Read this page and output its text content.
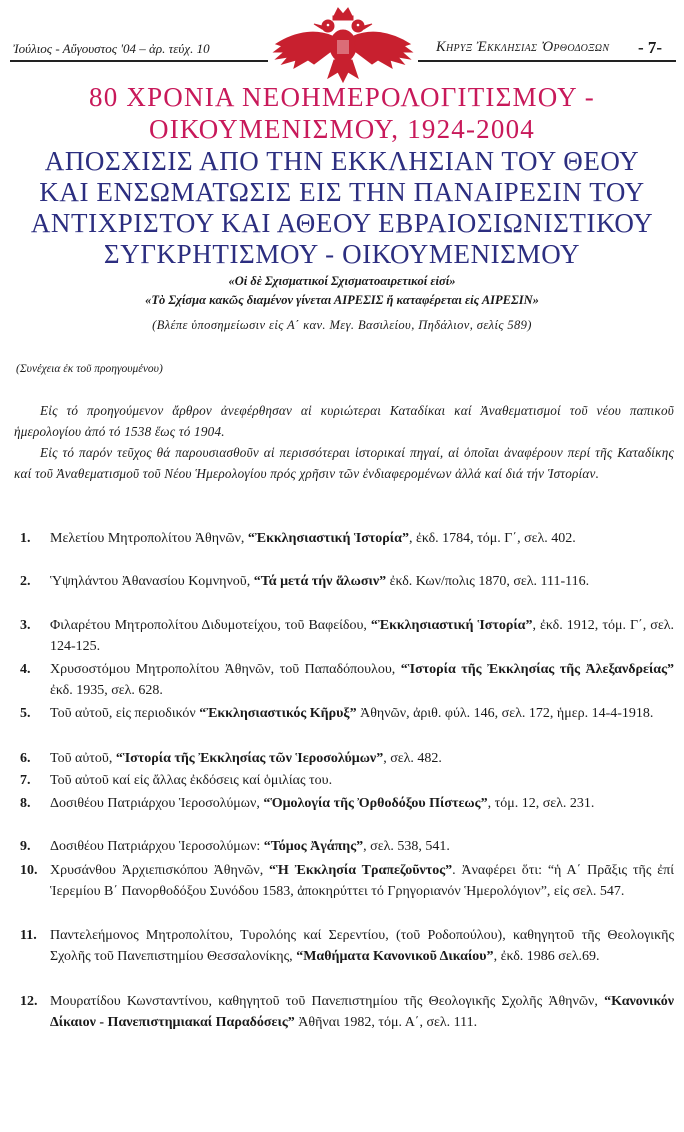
Ἰούλιος - Αὔγουστος '04 – ἀρ. τεύχ. 10	Κηρυξ Ἐκκλησιας Ὀρθοδοξων - 7-
80 ΧΡΟΝΙΑ ΝΕΟΗΜΕΡΟΛΟΓΙΤΙΣΜΟΥ -
ΟΙΚΟΥΜΕΝΙΣΜΟΥ, 1924-2004
ΑΠΟΣΧΙΣΙΣ ΑΠΟ ΤΗΝ ΕΚΚΛΗΣΙΑΝ ΤΟΥ ΘΕΟΥ
ΚΑΙ ΕΝΣΩΜΑΤΩΣΙΣ ΕΙΣ ΤΗΝ ΠΑΝΑΙΡΕΣΙΝ ΤΟΥ
ΑΝΤΙΧΡΙΣΤΟΥ ΚΑΙ ΑΘΕΟΥ ΕΒΡΑΙΟΣΙΩΝΙΣΤΙΚΟΥ
ΣΥΓΚΡΗΤΙΣΜΟΥ - ΟΙΚΟΥΜΕΝΙΣΜΟΥ
«Οἱ δὲ Σχισματικοί Σχισματοαιρετικοί εἰσί»
«Τὸ Σχίσμα κακῶς διαμένον γίνεται ΑΙΡΕΣΙΣ ἤ καταφέρεται εἰς ΑΙΡΕΣΙΝ»
(Βλέπε ὑποσημείωσιν εἰς Α΄ καν. Μεγ. Βασιλείου, Πηδάλιον, σελίς 589)
(Συνέχεια ἐκ τοῦ προηγουμένου)
Εἰς τό προηγούμενον ἄρθρον ἀνεφέρθησαν αἱ κυριώτεραι Καταδίκαι καί Ἀναθεματισμοί τοῦ νέου παπικοῦ ἡμερολογίου ἀπό τό 1538 ἕως τό 1904.
Εἰς τό παρόν τεῦχος θά παρουσιασθοῦν αἱ περισσότεραι ἱστορικαί πηγαί, αἱ ὁποῖαι ἀναφέρουν περί τῆς Καταδίκης καί τοῦ Ἀναθεματισμοῦ τοῦ Νέου Ἡμερολογίου πρός χρῆσιν τῶν ἐνδιαφερομένων ἀλλά καί διά τήν Ἱστορίαν.
1.	Μελετίου Μητροπολίτου Ἀθηνῶν, “Ἐκκλησιαστική Ἱστορία”, ἐκδ. 1784, τόμ. Γ΄, σελ. 402.
2.	Ὑψηλάντου Ἀθανασίου Κομνηνοῦ, “Τά μετά τήν ἅλωσιν” ἐκδ. Κων/πολις 1870, σελ. 111-116.
3.	Φιλαρέτου Μητροπολίτου Διδυμοτείχου, τοῦ Βαφείδου, “Ἐκκλησιαστική Ἱστορία”, ἐκδ. 1912, τόμ. Γ΄, σελ. 124-125.
4.	Χρυσοστόμου Μητροπολίτου Ἀθηνῶν, τοῦ Παπαδόπουλου, “Ἱστορία τῆς Ἐκκλησίας τῆς Ἀλεξανδρείας” ἐκδ. 1935, σελ. 628.
5.	Τοῦ αὐτοῦ, εἰς περιοδικόν “Ἐκκλησιαστικός Κῆρυξ” Ἀθηνῶν, ἀριθ. φύλ. 146, σελ. 172, ἡμερ. 14-4-1918.
6.	Τοῦ αὐτοῦ, “Ἱστορία τῆς Ἐκκλησίας τῶν Ἱεροσολύμων”, σελ. 482.
7.	Τοῦ αὐτοῦ καί εἰς ἄλλας ἐκδόσεις καί ὁμιλίας του.
8.	Δοσιθέου Πατριάρχου Ἱεροσολύμων, “Ὁμολογία τῆς Ὀρθοδόξου Πίστεως”, τόμ. 12, σελ. 231.
9.	Δοσιθέου Πατριάρχου Ἱεροσολύμων: “Τόμος Ἀγάπης”, σελ. 538, 541.
10. Χρυσάνθου Ἀρχιεπισκόπου Ἀθηνῶν, “Ἡ Ἐκκλησία Τραπεζοῦντος”. Ἀναφέρει ὅτι: “ἡ Α΄ Πρᾶξις τῆς ἐπί Ἱερεμίου Β΄ Πανορθοδόξου Συνόδου 1583, ἀποκηρύττει τό Γρηγοριανόν Ἡμερολόγιον”, εἰς σελ. 547.
11. Παντελεήμονος Μητροπολίτου, Τυρολόης καί Σερεντίου, (τοῦ Ροδοπούλου), καθηγητοῦ τῆς Θεολογικῆς Σχολῆς τοῦ Πανεπιστημίου Θεσσαλονίκης, “Μαθήματα Κανονικοῦ Δικαίου”, ἐκδ. 1986 σελ.69.
12. Μουρατίδου Κωνσταντίνου, καθηγητοῦ τοῦ Πανεπιστημίου τῆς Θεολογικῆς Σχολῆς Ἀθηνῶν, “Κανονικόν Δίκαιον - Πανεπιστημιακαί Παραδόσεις” Ἀθῆναι 1982, τόμ. Α΄, σελ. 111.
